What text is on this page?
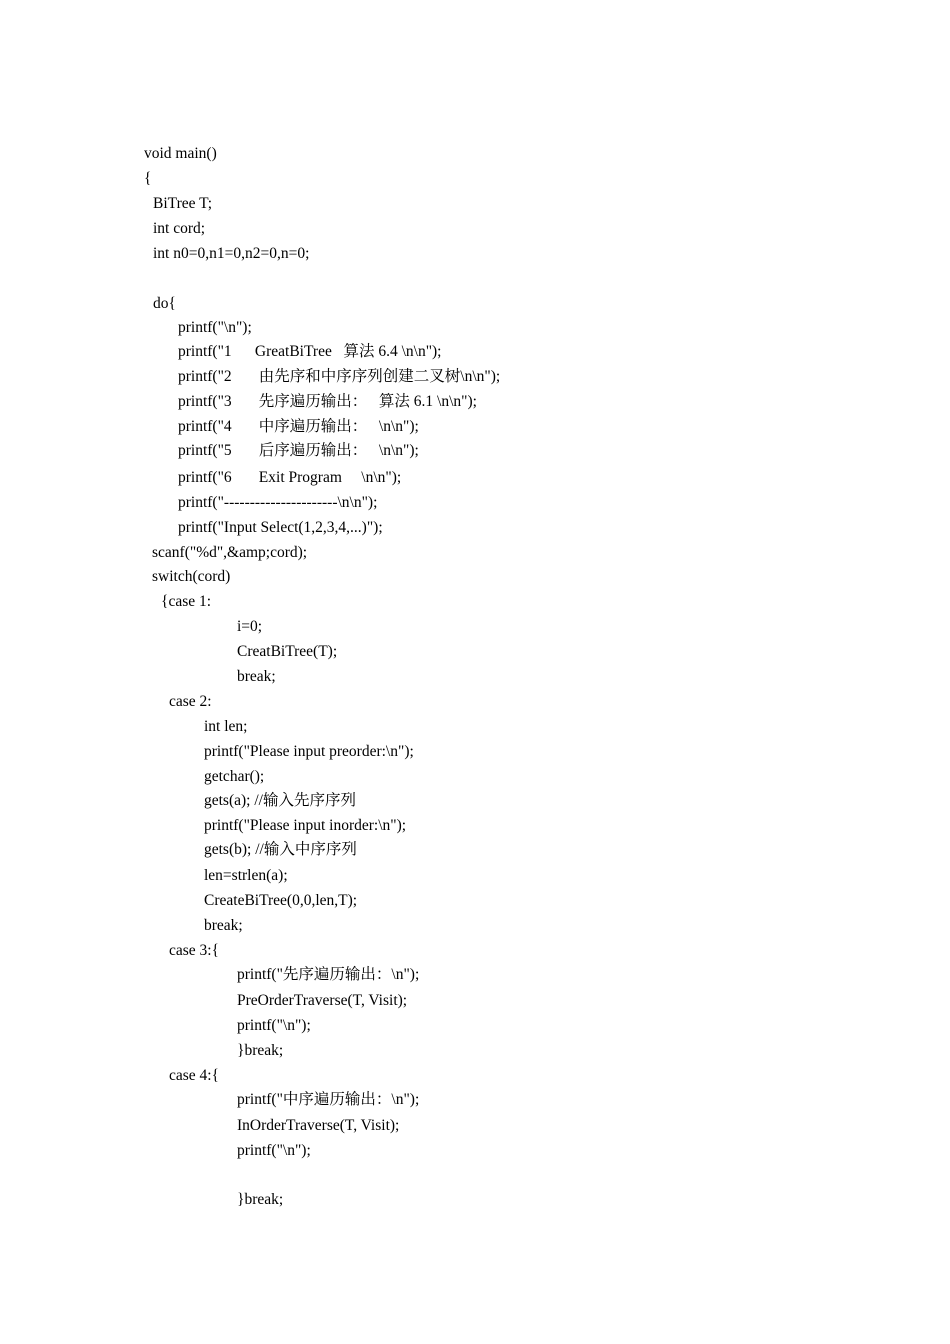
void main()
{
BiTree T;
int cord;
int n0=0,n1=0,n2=0,n=0;
do{
printf("\n");
printf("1      GreatBiTree   算法 6.4 \n\n");
printf("2       由先序和中序序列创建二叉树\n\n");
printf("3       先序遍历输出：   算法 6.1 \n\n");
printf("4       中序遍历输出：   \n\n");
printf("5       后序遍历输出：   \n\n");
printf("6       Exit Program     \n\n");
printf("----------------------\n\n");
printf("Input Select(1,2,3,4,...)");
scanf("%d",&amp;cord);
switch(cord)
{case 1:
i=0;
CreatBiTree(T);
break;
case 2:
int len;
printf("Please input preorder:\n");
getchar();
gets(a); //输入先序序列
printf("Please input inorder:\n");
gets(b); //输入中序序列
len=strlen(a);
CreateBiTree(0,0,len,T);
break;
case 3:{
printf("先序遍历输出：\n");
PreOrderTraverse(T, Visit);
printf("\n");
}break;
case 4:{
printf("中序遍历输出：\n");
InOrderTraverse(T, Visit);
printf("\n");
}break;
